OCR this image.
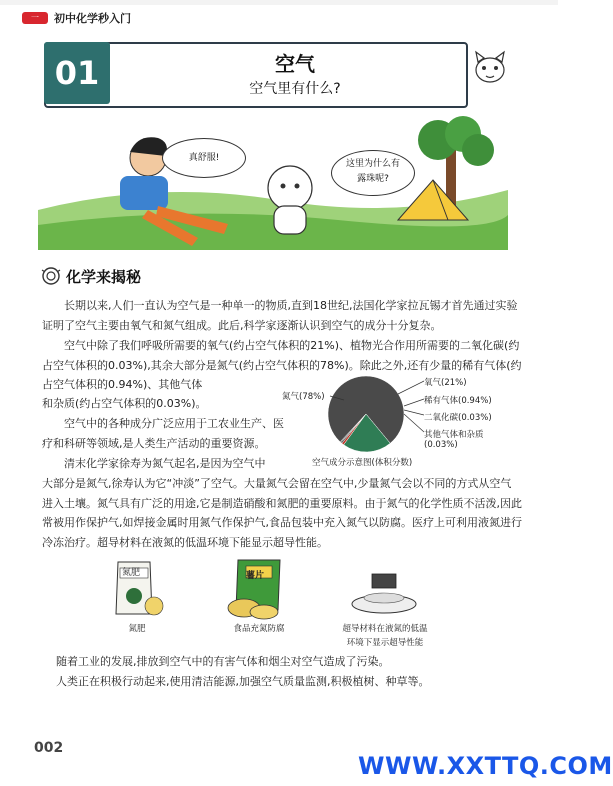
一	初中化学秒入门
01	空气
空气里有什么?
真舒服!
这里为什么有
露珠呢?
化学来揭秘

长期以来,人们一直认为空气是一种单一的物质,直到18世纪,法国化学家拉瓦锡才首先通过实验证明了空气主要由氧气和氮气组成。此后,科学家逐渐认识到空气的成分十分复杂。

空气中除了我们呼吸所需要的氧气(约占空气体积的21%)、植物光合作用所需要的二氧化碳(约占空气体积的0.03%),其余大部分是氮气(约占空气体积的78%)。除此之外,还有少量的稀有气体(约占空气体积的0.94%)、其他气体

和杂质(约占空气体积的0.03%)。

空气中的各种成分广泛应用于工农业生产、医疗和科研等领域,是人类生产活动的重要资源。

清末化学家徐寿为氮气起名,是因为空气中

大部分是氮气,徐寿认为它“冲淡”了空气。大量氮气会留在空气中,少量氮气会以不同的方式从空气进入土壤。氮气具有广泛的用途,它是制造硝酸和氮肥的重要原料。由于氮气的化学性质不活泼,因此常被用作保护气,如焊接金属时用氮气作保护气,食品包装中充入氮气以防腐。医疗上可利用液氮进行冷冻治疗。超导材料在液氮的低温环境下能显示超导性能。

氮气(78%)
氧气(21%)
稀有气体(0.94%)
二氧化碳(0.03%)
其他气体和杂质
(0.03%)
空气成分示意图(体积分数)
氮肥
氮肥
薯片
食品充氮防腐	超导材料在液氮的低温
环境下显示超导性能

随着工业的发展,排放到空气中的有害气体和烟尘对空气造成了污染。

人类正在积极行动起来,使用清洁能源,加强空气质量监测,积极植树、种草等。

002
WWW.XXTTQ.COM
